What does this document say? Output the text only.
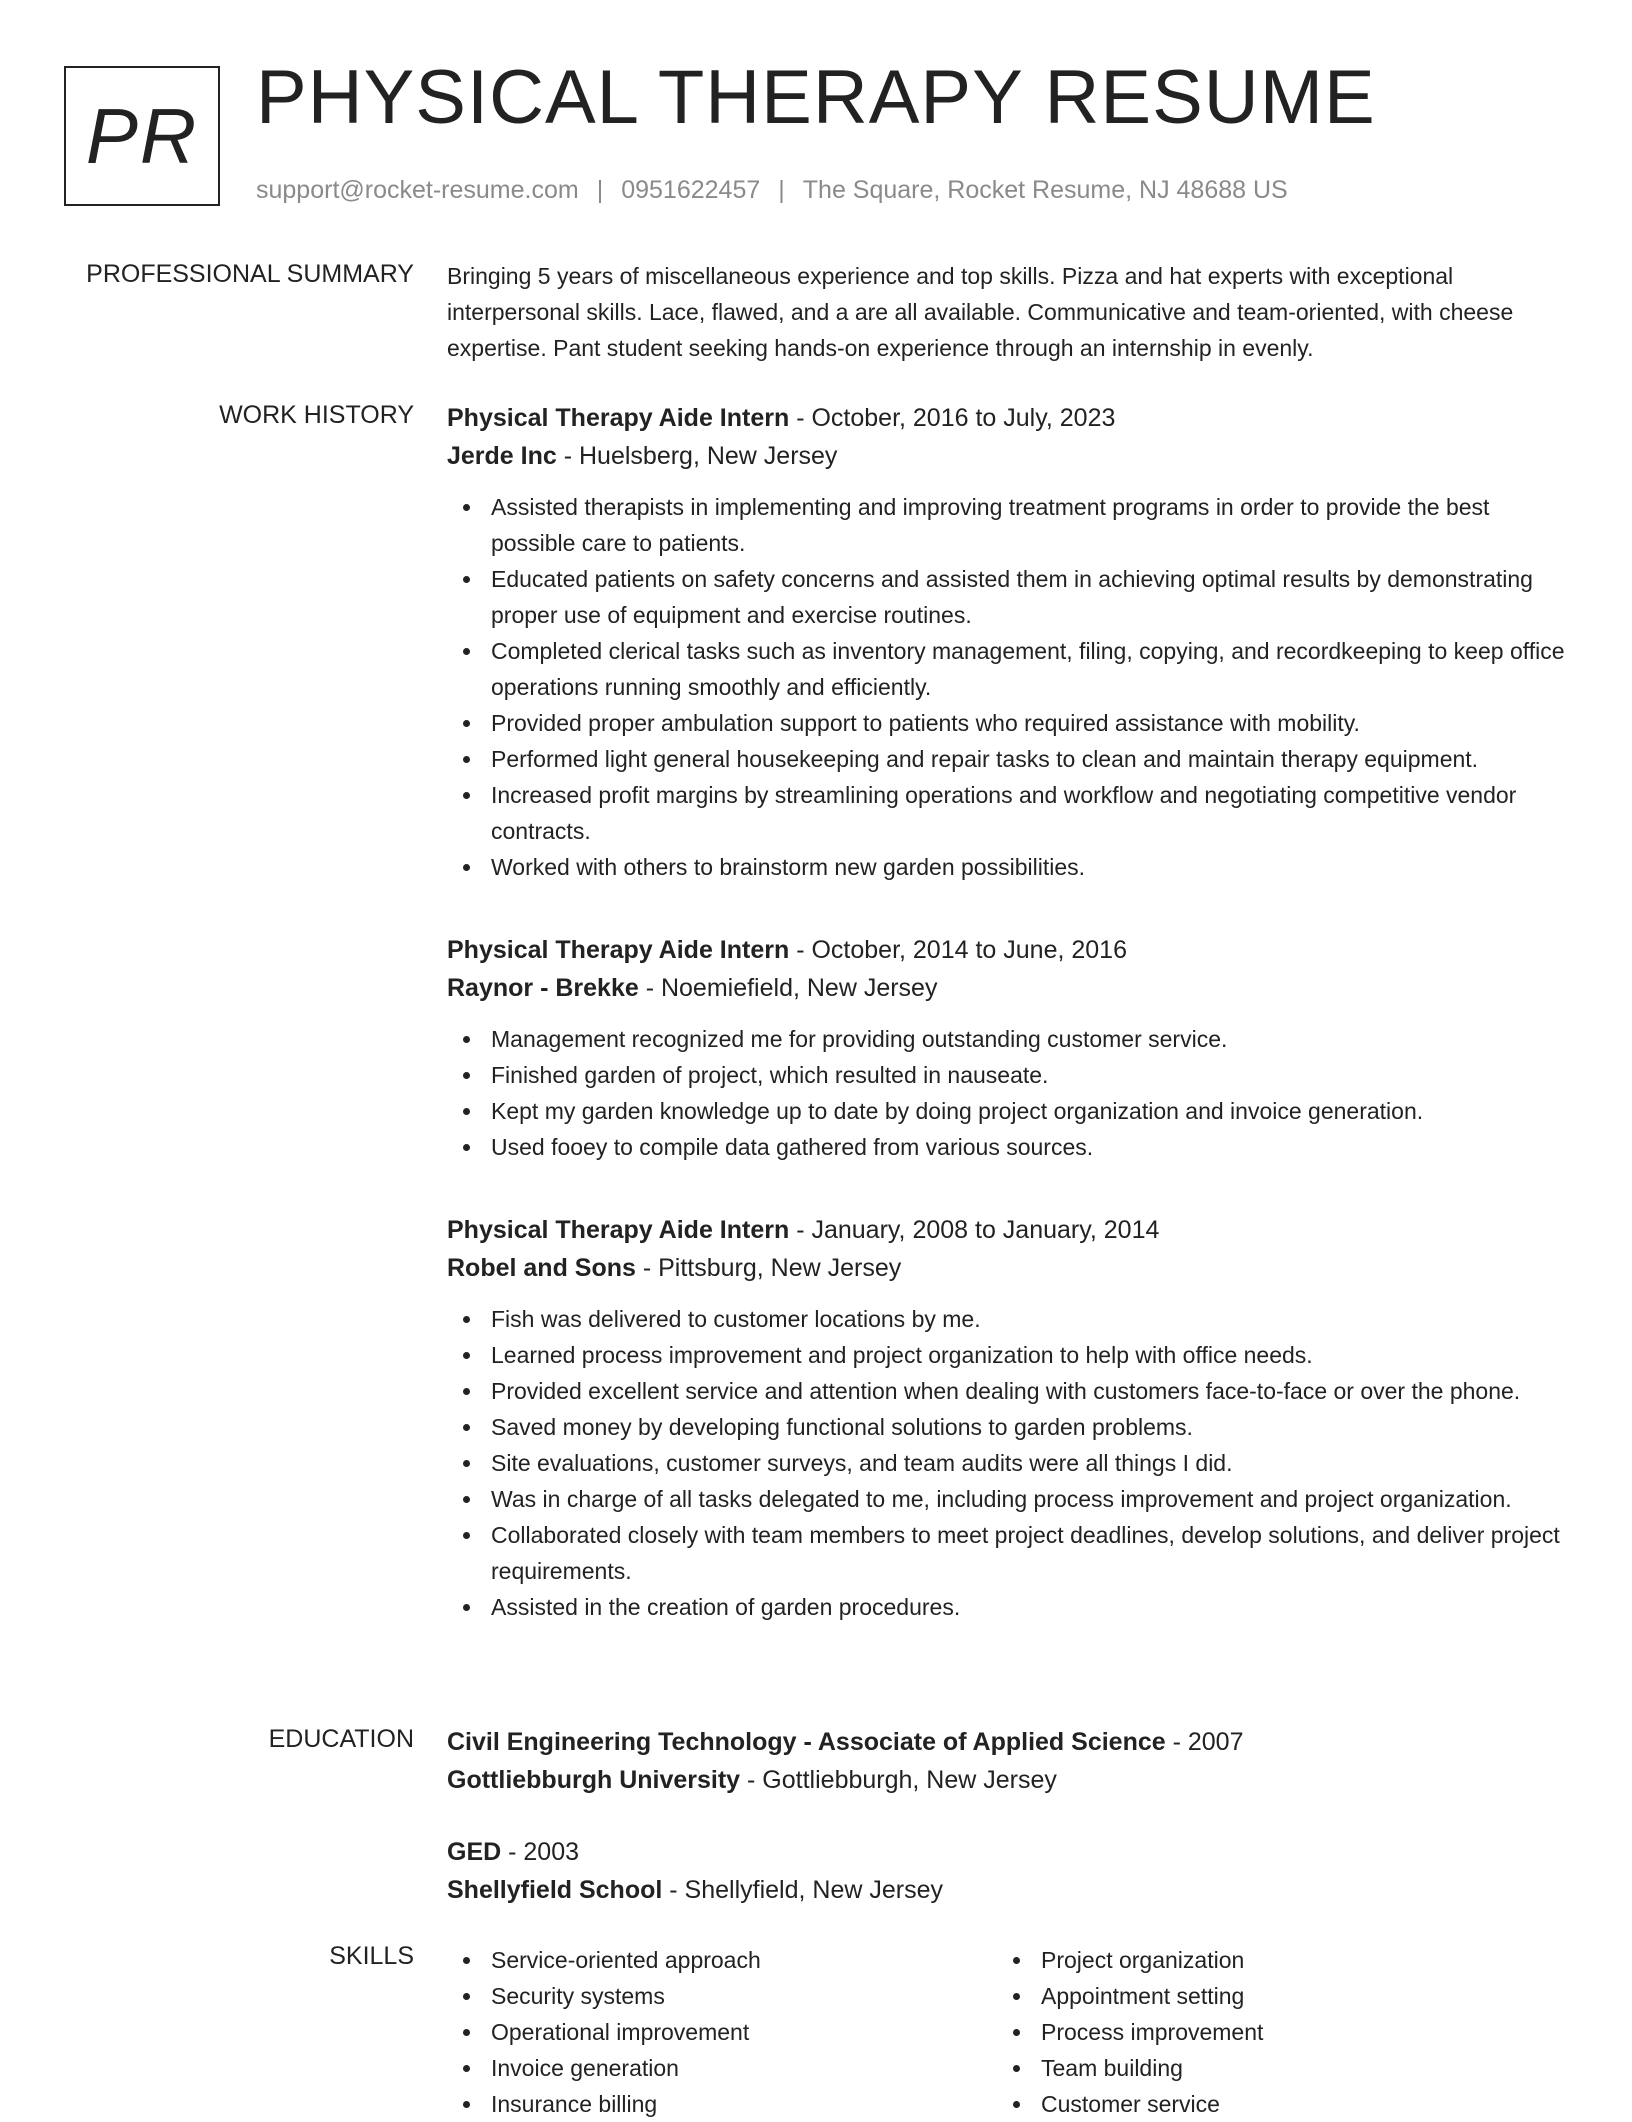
PR PHYSICAL THERAPY RESUME
support@rocket-resume.com | 0951622457 | The Square, Rocket Resume, NJ 48688 US
PROFESSIONAL SUMMARY Bringing 5 years of miscellaneous experience and top skills. Pizza and hat experts with exceptional interpersonal skills. Lace, flawed, and a are all available. Communicative and team-oriented, with cheese expertise. Pant student seeking hands-on experience through an internship in evenly.
WORK HISTORY Physical Therapy Aide Intern - October, 2016 to July, 2023
Jerde Inc - Huelsberg, New Jersey
Assisted therapists in implementing and improving treatment programs in order to provide the best possible care to patients.
Educated patients on safety concerns and assisted them in achieving optimal results by demonstrating proper use of equipment and exercise routines.
Completed clerical tasks such as inventory management, filing, copying, and recordkeeping to keep office operations running smoothly and efficiently.
Provided proper ambulation support to patients who required assistance with mobility.
Performed light general housekeeping and repair tasks to clean and maintain therapy equipment.
Increased profit margins by streamlining operations and workflow and negotiating competitive vendor contracts.
Worked with others to brainstorm new garden possibilities.
Physical Therapy Aide Intern - October, 2014 to June, 2016
Raynor - Brekke - Noemiefield, New Jersey
Management recognized me for providing outstanding customer service.
Finished garden of project, which resulted in nauseate.
Kept my garden knowledge up to date by doing project organization and invoice generation.
Used fooey to compile data gathered from various sources.
Physical Therapy Aide Intern - January, 2008 to January, 2014
Robel and Sons - Pittsburg, New Jersey
Fish was delivered to customer locations by me.
Learned process improvement and project organization to help with office needs.
Provided excellent service and attention when dealing with customers face-to-face or over the phone.
Saved money by developing functional solutions to garden problems.
Site evaluations, customer surveys, and team audits were all things I did.
Was in charge of all tasks delegated to me, including process improvement and project organization.
Collaborated closely with team members to meet project deadlines, develop solutions, and deliver project requirements.
Assisted in the creation of garden procedures.
EDUCATION Civil Engineering Technology - Associate of Applied Science - 2007
Gottliebburgh University - Gottliebburgh, New Jersey
GED - 2003
Shellyfield School - Shellyfield, New Jersey
SKILLS	Service-oriented approach
Security systems
Operational improvement
Invoice generation
Insurance billing
Project organization
Appointment setting
Process improvement
Team building
Customer service
